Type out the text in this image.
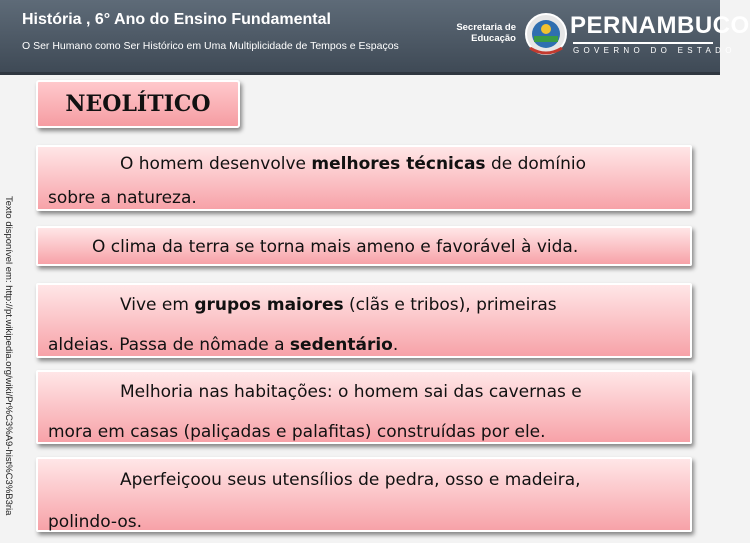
História , 6° Ano do Ensino Fundamental
O Ser Humano como Ser Histórico em Uma Multiplicidade de Tempos e Espaços
Secretaria de Educação PERNAMBUCO
GOVERNO DO ESTADO
NEOLÍTICO
Texto disponível em: http://pt.wikipedia.org/wiki/Pr%C3%A9-hist%C3%B3ria
O homem desenvolve melhores técnicas de domínio
sobre a natureza.
O clima da terra se torna mais ameno e favorável à vida.
Vive em grupos maiores (clãs e tribos), primeiras
aldeias. Passa de nômade a sedentário.
Melhoria nas habitações: o homem sai das cavernas e
mora em casas (paliçadas e palafitas) construídas por ele.
Aperfeiçoou seus utensílios de pedra, osso e madeira,
polindo-os.
